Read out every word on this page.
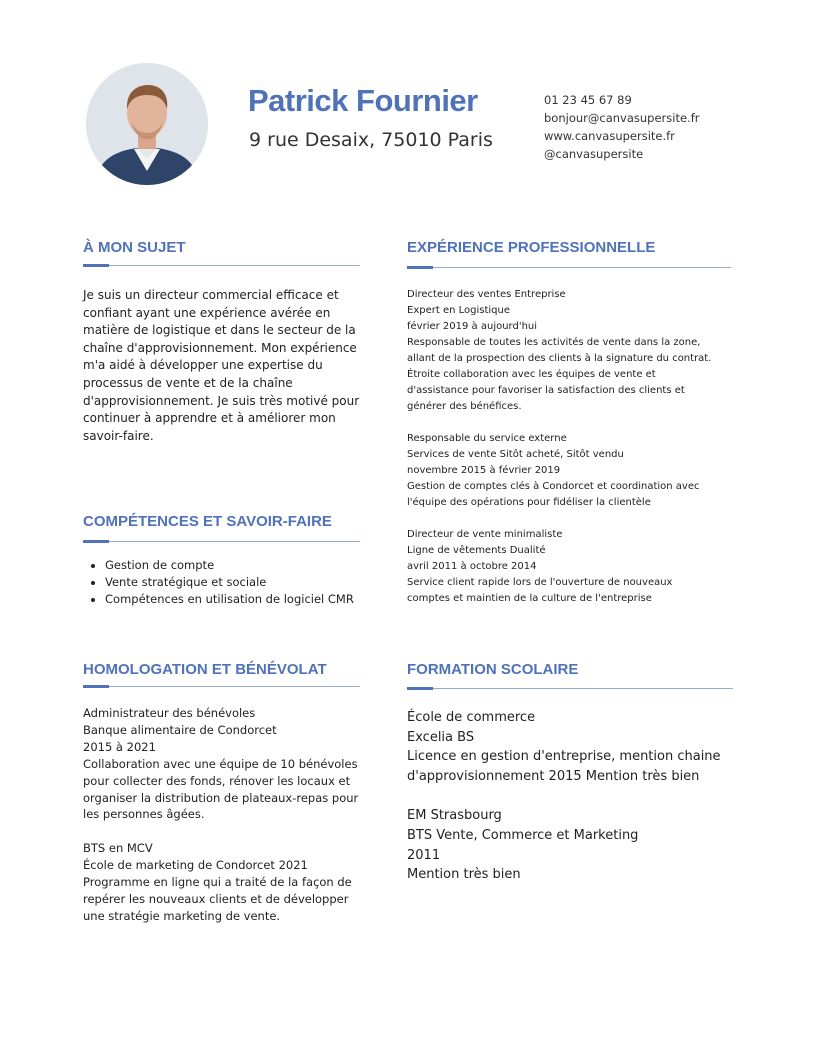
Patrick Fournier
9 rue Desaix, 75010 Paris
01 23 45 67 89
bonjour@canvasupersite.fr
www.canvasupersite.fr
@canvasupersite
À MON SUJET
Je suis un directeur commercial efficace et
confiant ayant une expérience avérée en
matière de logistique et dans le secteur de la
chaîne d'approvisionnement. Mon expérience
m'a aidé à développer une expertise du
processus de vente et de la chaîne
d'approvisionnement. Je suis très motivé pour
continuer à apprendre et à améliorer mon
savoir-faire.
COMPÉTENCES ET SAVOIR-FAIRE
• Gestion de compte
• Vente stratégique et sociale
• Compétences en utilisation de logiciel CMR
HOMOLOGATION ET BÉNÉVOLAT
Administrateur des bénévoles
Banque alimentaire de Condorcet
2015 à 2021
Collaboration avec une équipe de 10 bénévoles
pour collecter des fonds, rénover les locaux et
organiser la distribution de plateaux-repas pour
les personnes âgées.
BTS en MCV
École de marketing de Condorcet 2021
Programme en ligne qui a traité de la façon de
repérer les nouveaux clients et de développer
une stratégie marketing de vente.
EXPÉRIENCE PROFESSIONNELLE
Directeur des ventes Entreprise
Expert en Logistique
février 2019 à aujourd'hui
Responsable de toutes les activités de vente dans la zone,
allant de la prospection des clients à la signature du contrat.
Étroite collaboration avec les équipes de vente et
d'assistance pour favoriser la satisfaction des clients et
générer des bénéfices.
Responsable du service externe
Services de vente Sitôt acheté, Sitôt vendu
novembre 2015 à février 2019
Gestion de comptes clés à Condorcet et coordination avec
l'équipe des opérations pour fidéliser la clientèle
Directeur de vente minimaliste
Ligne de vêtements Dualité
avril 2011 à octobre 2014
Service client rapide lors de l'ouverture de nouveaux
comptes et maintien de la culture de l'entreprise
FORMATION SCOLAIRE
École de commerce
Excelia BS
Licence en gestion d'entreprise, mention chaine
d'approvisionnement 2015 Mention très bien
EM Strasbourg
BTS Vente, Commerce et Marketing
2011
Mention très bien
